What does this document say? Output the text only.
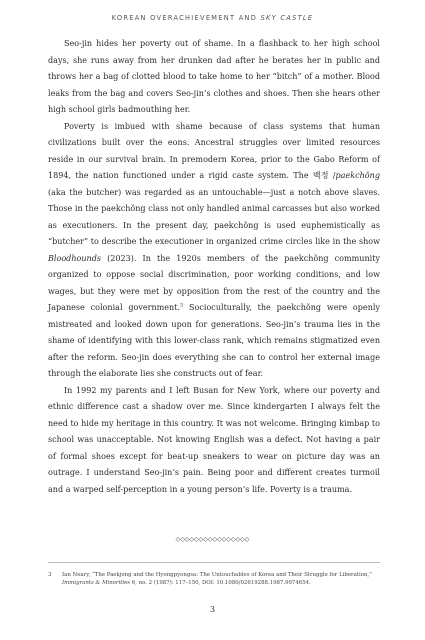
KOREAN OVERACHIEVEMENT AND SKY CASTLE

Seo-jin hides her poverty out of shame. In a flashback to her high school days, she runs away from her drunken dad after he berates her in public and throws her a bag of clotted blood to take home to her “bitch” of a mother. Blood leaks from the bag and covers Seo-jin’s clothes and shoes. Then she hears other high school girls badmouthing her.

Poverty is imbued with shame because of class systems that human civilizations built over the eons. Ancestral struggles over limited resources reside in our survival brain. In premodern Korea, prior to the Gabo Reform of 1894, the nation functioned under a rigid caste system. The 백정 /paekchŏng (aka the butcher) was regarded as an untouchable—just a notch above slaves. Those in the paekchŏng class not only handled animal carcasses but also worked as executioners. In the present day, paekchŏng is used euphemistically as “butcher” to describe the executioner in organized crime circles like in the show Bloodhounds (2023). In the 1920s members of the paekchŏng community organized to oppose social discrimination, poor working conditions, and low wages, but they were met by opposition from the rest of the country and the Japanese colonial government.$^3$ Socioculturally, the paekchŏng were openly mistreated and looked down upon for generations. Seo-jin’s trauma lies in the shame of identifying with this lower-class rank, which remains stigmatized even after the reform. Seo-jin does everything she can to control her external image through the elaborate lies she constructs out of fear.

In 1992 my parents and I left Busan for New York, where our poverty and ethnic difference cast a shadow over me. Since kindergarten I always felt the need to hide my heritage in this country. It was not welcome. Bringing kimbap to school was unacceptable. Not knowing English was a defect. Not having a pair of formal shoes except for beat-up sneakers to wear on picture day was an outrage. I understand Seo-jin’s pain. Being poor and different creates turmoil and a warped self-perception in a young person’s life. Poverty is a trauma.

◇◇◇◇◇◇◇◇◇◇◇◇◇◇◇◇
3 Ian Neary, “The Paekjong and the Hyongpyongsa: The Untouchables of Korea and Their Struggle for Liberation,” Immigrants & Minorities 6, no. 2 (1987): 117–150, DOI: 10.1080/02619288.1987.9974654.
3
